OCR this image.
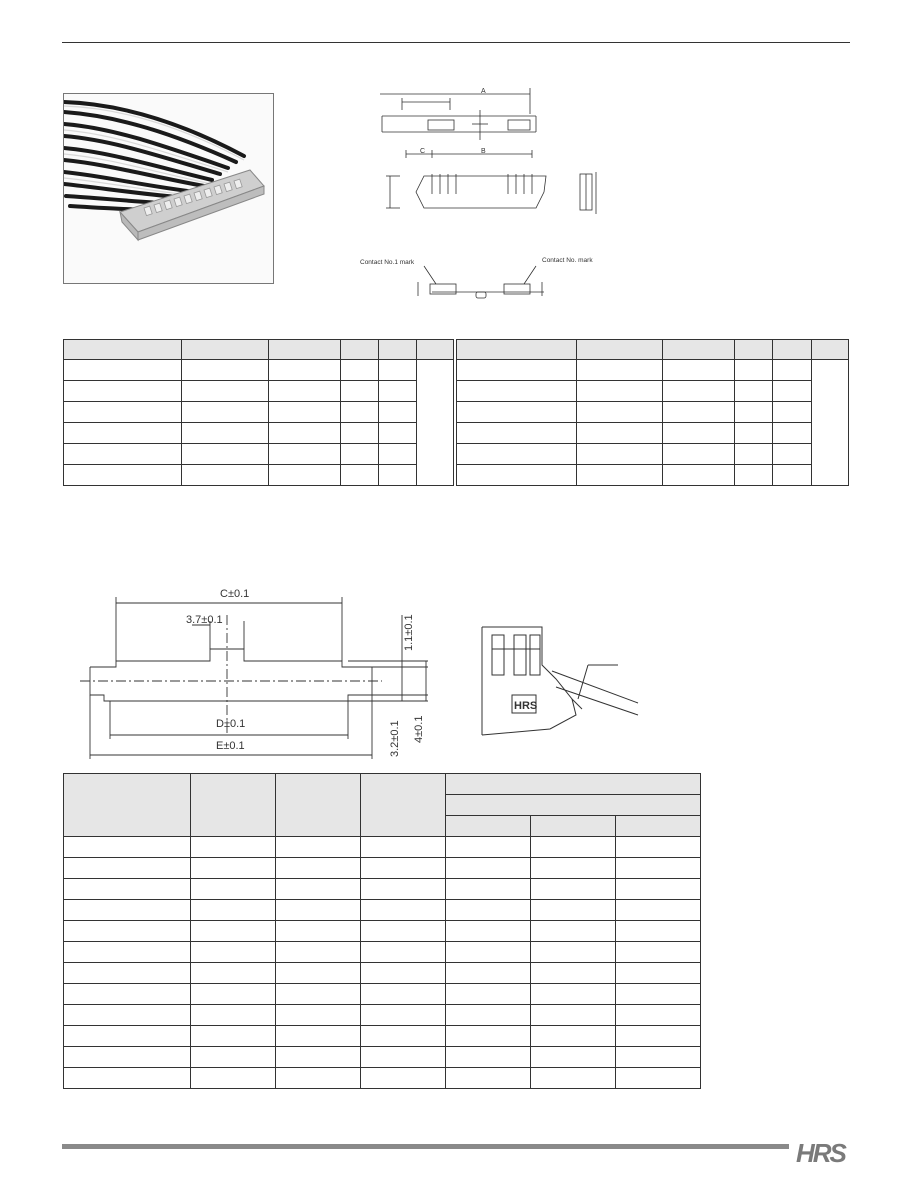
A
B
C
Contact No.1 mark	Contact No. mark

C±0.1
3.7±0.1	1.1±0.1
D±0.1
E±0.1	3.2±0.1 4±0.1
HRS

HRS
